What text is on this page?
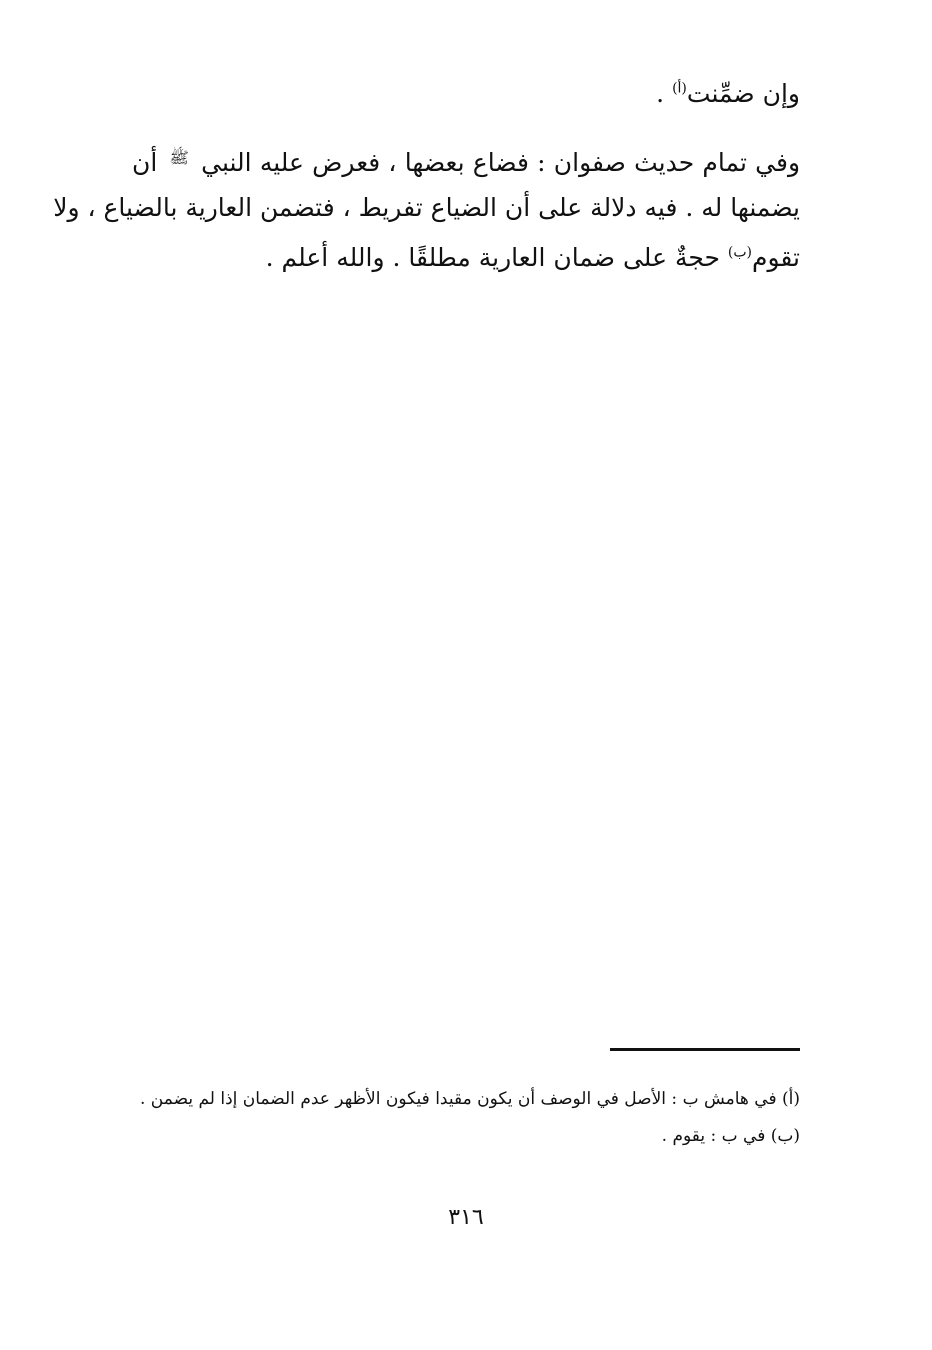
وإن ضمِّنت$^{(أ)}$ .
وفي تمام حديث صفوان : فضاع بعضها ، فعرض عليه النبي $^ﷺ$ أن
يضمنها له . فيه دلالة على أن الضياع تفريط ، فتضمن العارية بالضياع ، ولا
تقوم$^{(ب)}$ حجةٌ على ضمان العارية مطلقًا . والله أعلم .
(أ) في هامش ب : الأصل في الوصف أن يكون مقيدا فيكون الأظهر عدم الضمان إذا لم يضمن .
(ب) في ب : يقوم .
٣١٦
